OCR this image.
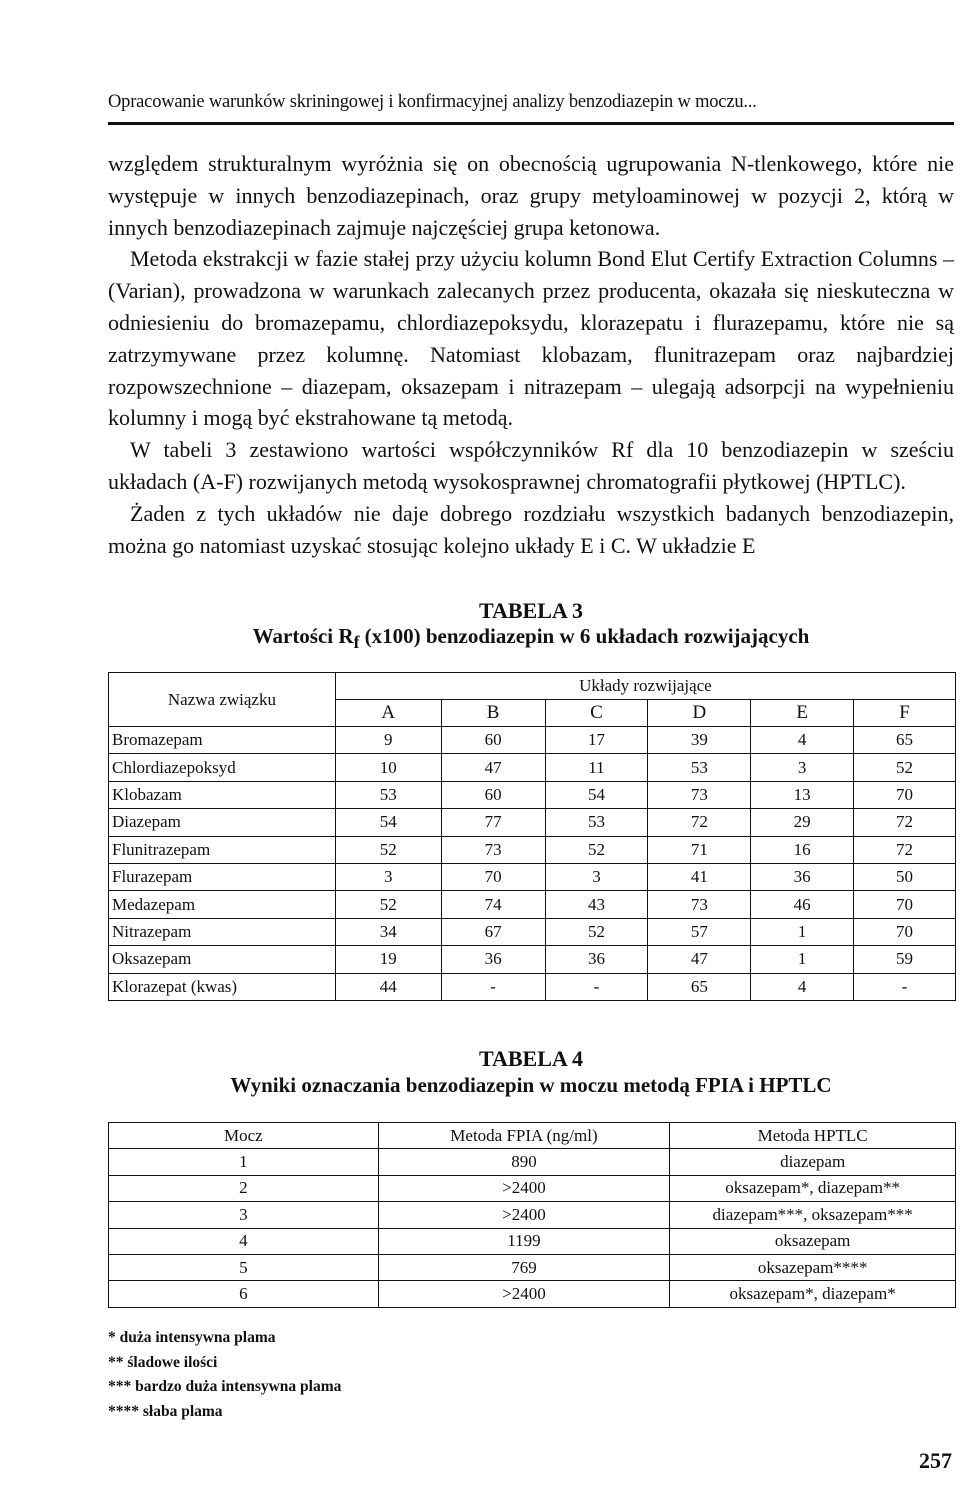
Opracowanie warunków skriningowej i konfirmacyjnej analizy benzodiazepin w moczu...

względem strukturalnym wyróżnia się on obecnością ugrupowania N-tlenkowego, które nie występuje w innych benzodiazepinach, oraz grupy metyloaminowej w pozycji 2, którą w innych benzodiazepinach zajmuje najczęściej grupa ketonowa.

Metoda ekstrakcji w fazie stałej przy użyciu kolumn Bond Elut Certify Extraction Columns – (Varian), prowadzona w warunkach zalecanych przez producenta, okazała się nieskuteczna w odniesieniu do bromazepamu, chlordiazepoksydu, klorazepatu i flurazepamu, które nie są zatrzymywane przez kolumnę. Natomiast klobazam, flunitrazepam oraz najbardziej rozpowszechnione – diazepam, oksazepam i nitrazepam – ulegają adsorpcji na wypełnieniu kolumny i mogą być ekstrahowane tą metodą.

W tabeli 3 zestawiono wartości współczynników Rf dla 10 benzodiazepin w sześciu układach (A-F) rozwijanych metodą wysokosprawnej chromatografii płytkowej (HPTLC).

Żaden z tych układów nie daje dobrego rozdziału wszystkich badanych benzodiazepin, można go natomiast uzyskać stosując kolejno układy E i C. W układzie E

TABELA 3
Wartości $R_f$ (x100) benzodiazepin w 6 układach rozwijających
Nazwa związku	Układy rozwijające					
	A	B	C	D	E	F
Bromazepam	9	60	17	39	4	65
Chlordiazepoksyd	10	47	11	53	3	52
Klobazam	53	60	54	73	13	70
Diazepam	54	77	53	72	29	72
Flunitrazepam	52	73	52	71	16	72
Flurazepam	3	70	3	41	36	50
Medazepam	52	74	43	73	46	70
Nitrazepam	34	67	52	57	1	70
Oksazepam	19	36	36	47	1	59
Klorazepat (kwas)	44	-	-	65	4	-
TABELA 4
Wyniki oznaczania benzodiazepin w moczu metodą FPIA i HPTLC
Mocz	Metoda FPIA (ng/ml)	Metoda HPTLC
1	890	diazepam
2	>2400	oksazepam*, diazepam**
3	>2400	diazepam***, oksazepam***
4	1199	oksazepam
5	769	oksazepam****
6	>2400	oksazepam*, diazepam*
* duża intensywna plama
** śladowe ilości
*** bardzo duża intensywna plama
**** słaba plama
257
